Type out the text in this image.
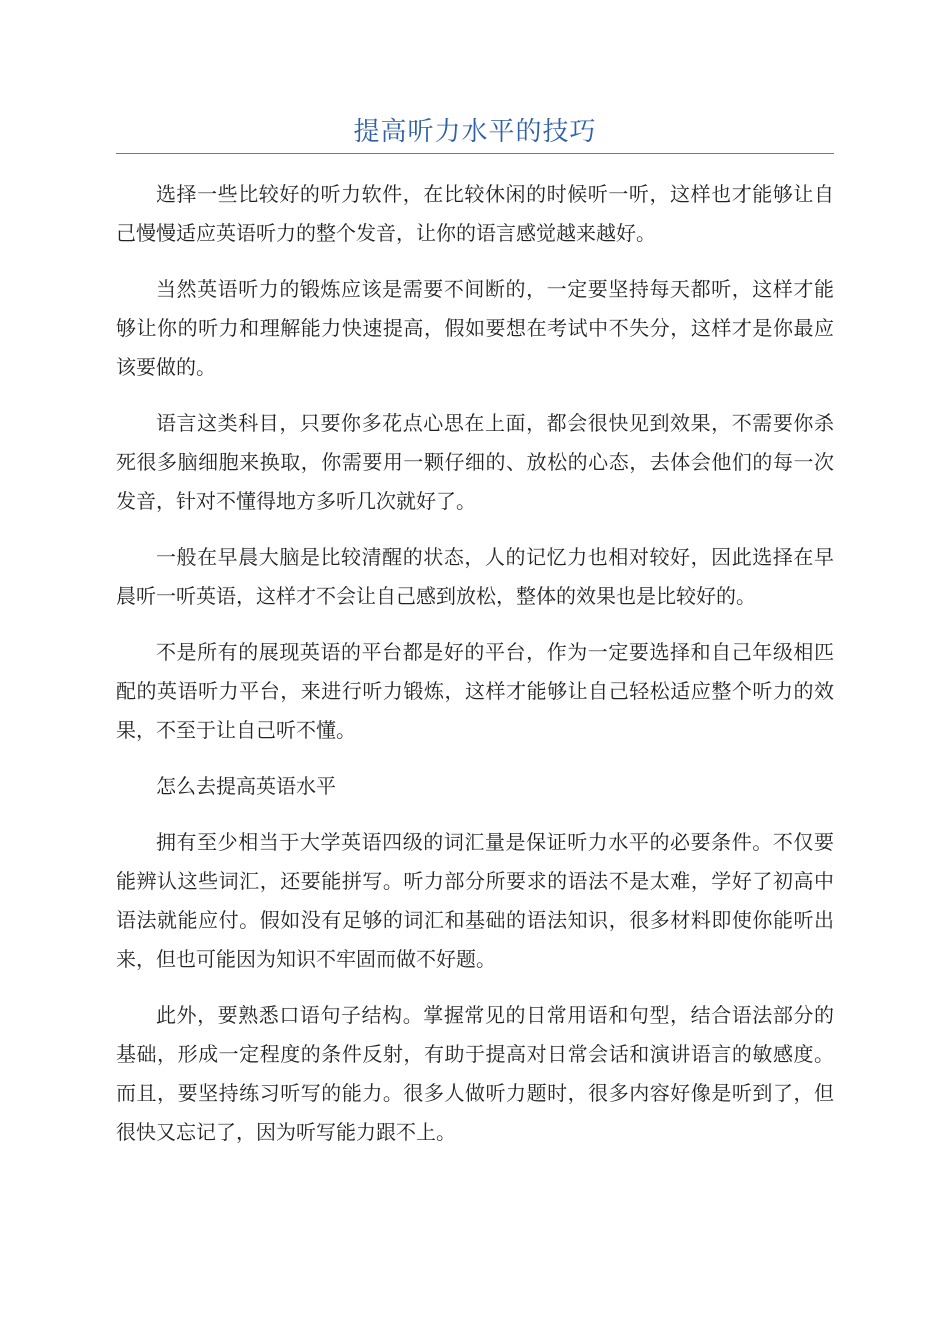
提高听力水平的技巧

选择一些比较好的听力软件，在比较休闲的时候听一听，这样也才能够让自己慢慢适应英语听力的整个发音，让你的语言感觉越来越好。

当然英语听力的锻炼应该是需要不间断的，一定要坚持每天都听，这样才能够让你的听力和理解能力快速提高，假如要想在考试中不失分，这样才是你最应该要做的。

语言这类科目，只要你多花点心思在上面，都会很快见到效果，不需要你杀死很多脑细胞来换取，你需要用一颗仔细的、放松的心态，去体会他们的每一次发音，针对不懂得地方多听几次就好了。

一般在早晨大脑是比较清醒的状态，人的记忆力也相对较好，因此选择在早晨听一听英语，这样才不会让自己感到放松，整体的效果也是比较好的。

不是所有的展现英语的平台都是好的平台，作为一定要选择和自己年级相匹配的英语听力平台，来进行听力锻炼，这样才能够让自己轻松适应整个听力的效果，不至于让自己听不懂。

怎么去提高英语水平

拥有至少相当于大学英语四级的词汇量是保证听力水平的必要条件。不仅要能辨认这些词汇，还要能拼写。听力部分所要求的语法不是太难，学好了初高中语法就能应付。假如没有足够的词汇和基础的语法知识，很多材料即使你能听出来，但也可能因为知识不牢固而做不好题。

此外，要熟悉口语句子结构。掌握常见的日常用语和句型，结合语法部分的基础，形成一定程度的条件反射，有助于提高对日常会话和演讲语言的敏感度。而且，要坚持练习听写的能力。很多人做听力题时，很多内容好像是听到了，但很快又忘记了，因为听写能力跟不上。
